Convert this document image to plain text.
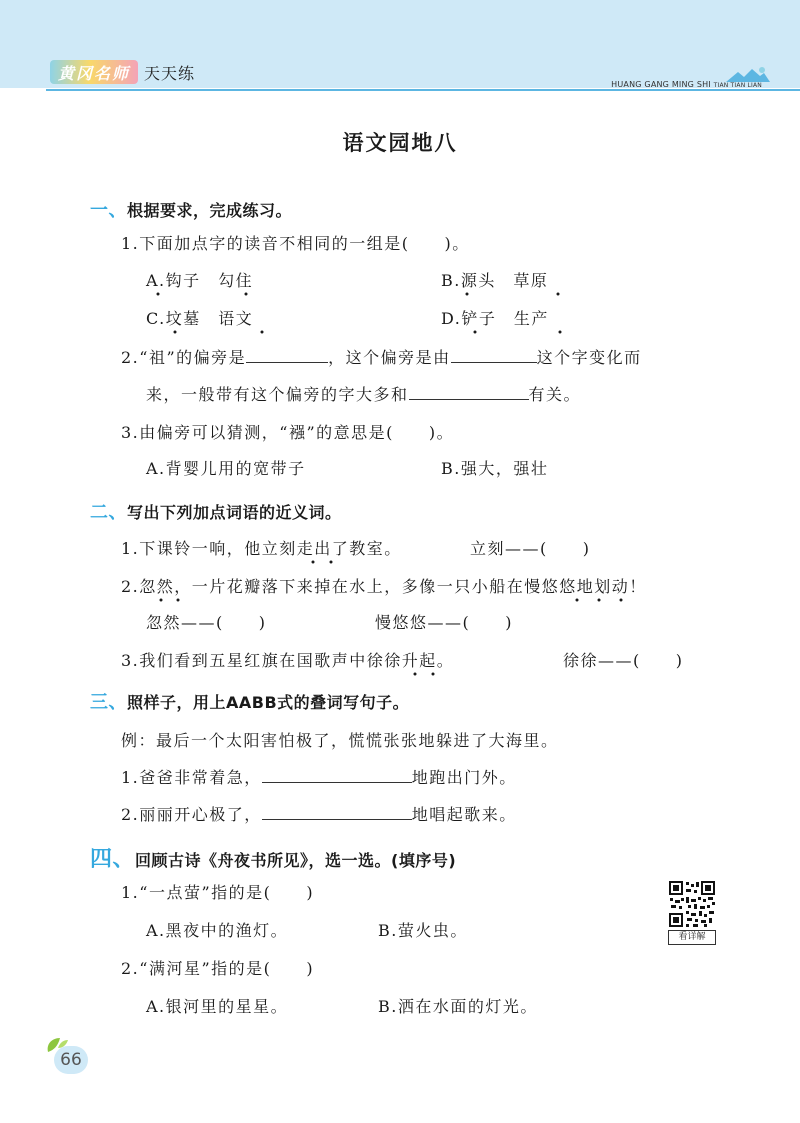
黄冈名师 天天练
HUANG GANG MING SHI TIAN TIAN LIAN
语文园地八
一、 根据要求，完成练习。
1.下面加点字的读音不相同的一组是(　　)。
A.钩子　勾住	B.源头　草原
C.坟墓　语文	D.铲子　生产
2.“祖”的偏旁是	，这个偏旁是由	这个字变化而
来，一般带有这个偏旁的字大多和	有关。
3.由偏旁可以猜测，“襁”的意思是(　　)。
A.背婴儿用的宽带子	B.强大，强壮
二、 写出下列加点词语的近义词。
1.下课铃一响，他立刻走出了教室。	立刻——(　　)
2.忽然，一片花瓣落下来掉在水上，多像一只小船在慢悠悠地划动！
忽然——(　　)	慢悠悠——(　　)
3.我们看到五星红旗在国歌声中徐徐升起。	徐徐——(　　)
三、 照样子，用上AABB式的叠词写句子。
例：最后一个太阳害怕极了，慌慌张张地躲进了大海里。
1.爸爸非常着急，	地跑出门外。
2.丽丽开心极了，	地唱起歌来。
四、 回顾古诗《舟夜书所见》，选一选。(填序号)
1.“一点萤”指的是(　　)
A.黑夜中的渔灯。	B.萤火虫。
2.“满河星”指的是(　　)
A.银河里的星星。	B.洒在水面的灯光。
看详解
66
